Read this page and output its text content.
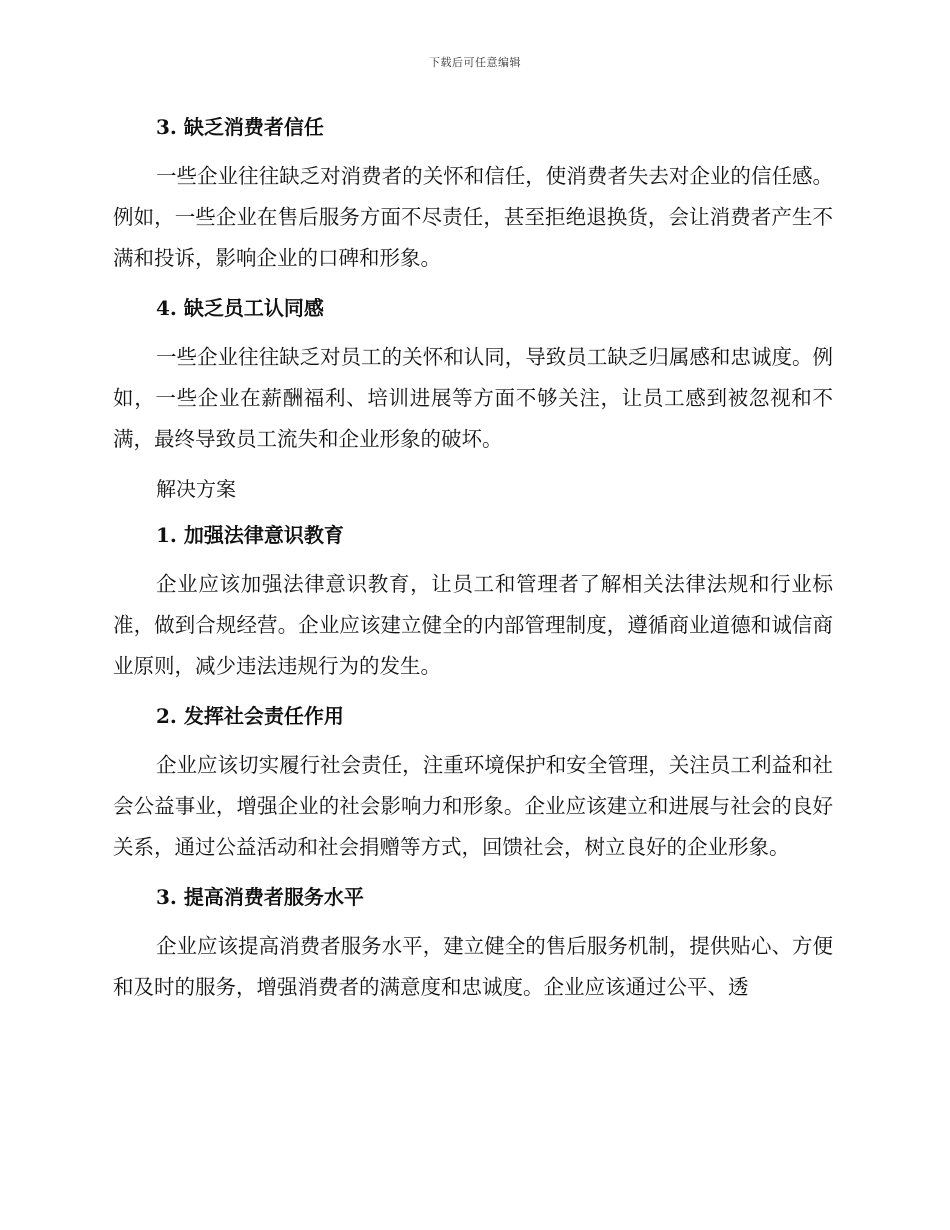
下载后可任意编辑
3. 缺乏消费者信任

一些企业往往缺乏对消费者的关怀和信任，使消费者失去对企业的信任感。例如，一些企业在售后服务方面不尽责任，甚至拒绝退换货，会让消费者产生不满和投诉，影响企业的口碑和形象。

4. 缺乏员工认同感

一些企业往往缺乏对员工的关怀和认同，导致员工缺乏归属感和忠诚度。例如，一些企业在薪酬福利、培训进展等方面不够关注，让员工感到被忽视和不满，最终导致员工流失和企业形象的破坏。

解决方案
1. 加强法律意识教育

企业应该加强法律意识教育，让员工和管理者了解相关法律法规和行业标准，做到合规经营。企业应该建立健全的内部管理制度，遵循商业道德和诚信商业原则，减少违法违规行为的发生。

2. 发挥社会责任作用

企业应该切实履行社会责任，注重环境保护和安全管理，关注员工利益和社会公益事业，增强企业的社会影响力和形象。企业应该建立和进展与社会的良好关系，通过公益活动和社会捐赠等方式，回馈社会，树立良好的企业形象。

3. 提高消费者服务水平

企业应该提高消费者服务水平，建立健全的售后服务机制，提供贴心、方便和及时的服务，增强消费者的满意度和忠诚度。企业应该通过公平、透
